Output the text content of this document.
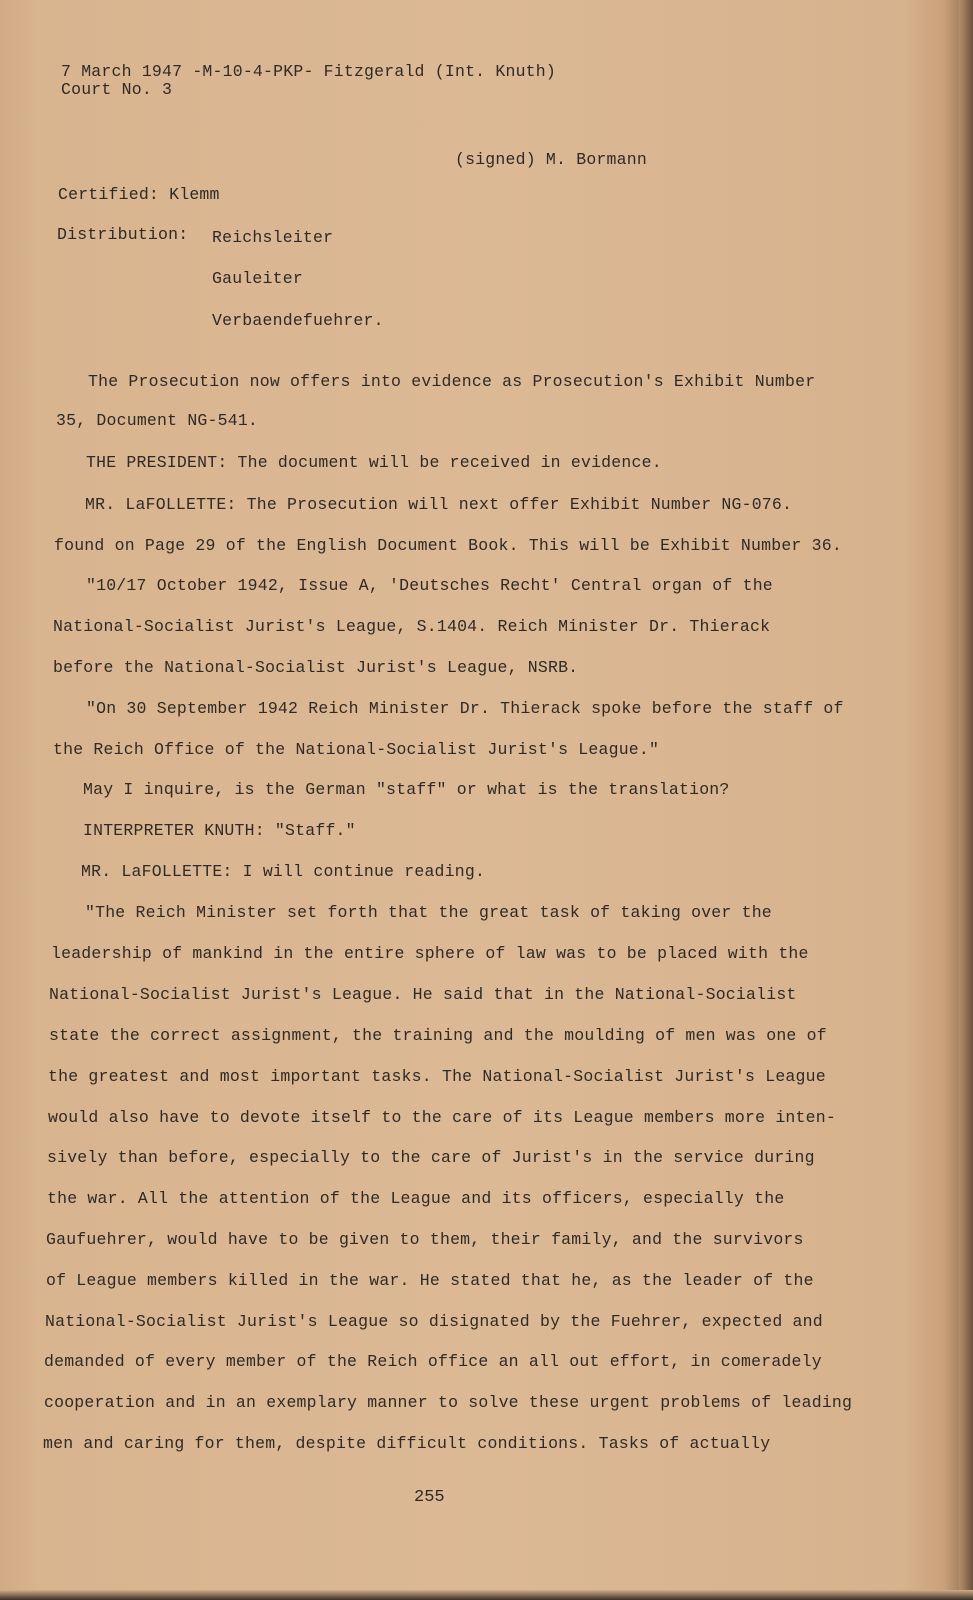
7 March 1947 -M-10-4-PKP- Fitzgerald (Int. Knuth)
Court No. 3
(signed) M. Bormann
Certified: Klemm
Distribution: Reichsleiter
Gauleiter
Verbaendefuehrer.
The Prosecution now offers into evidence as Prosecution's Exhibit Number
35, Document NG-541.
THE PRESIDENT: The document will be received in evidence.
MR. LaFOLLETTE: The Prosecution will next offer Exhibit Number NG-076.
found on Page 29 of the English Document Book. This will be Exhibit Number 36.
"10/17 October 1942, Issue A, 'Deutsches Recht' Central organ of the
National-Socialist Jurist's League, S.1404. Reich Minister Dr. Thierack
before the National-Socialist Jurist's League, NSRB.
"On 30 September 1942 Reich Minister Dr. Thierack spoke before the staff of
the Reich Office of the National-Socialist Jurist's League."
May I inquire, is the German "staff" or what is the translation?
INTERPRETER KNUTH: "Staff."
MR. LaFOLLETTE: I will continue reading.
"The Reich Minister set forth that the great task of taking over the
leadership of mankind in the entire sphere of law was to be placed with the
National-Socialist Jurist's League. He said that in the National-Socialist
state the correct assignment, the training and the moulding of men was one of
the greatest and most important tasks. The National-Socialist Jurist's League
would also have to devote itself to the care of its League members more inten-
sively than before, especially to the care of Jurist's in the service during
the war. All the attention of the League and its officers, especially the
Gaufuehrer, would have to be given to them, their family, and the survivors
of League members killed in the war. He stated that he, as the leader of the
National-Socialist Jurist's League so disignated by the Fuehrer, expected and
demanded of every member of the Reich office an all out effort, in comeradely
cooperation and in an exemplary manner to solve these urgent problems of leading
men and caring for them, despite difficult conditions. Tasks of actually
255
